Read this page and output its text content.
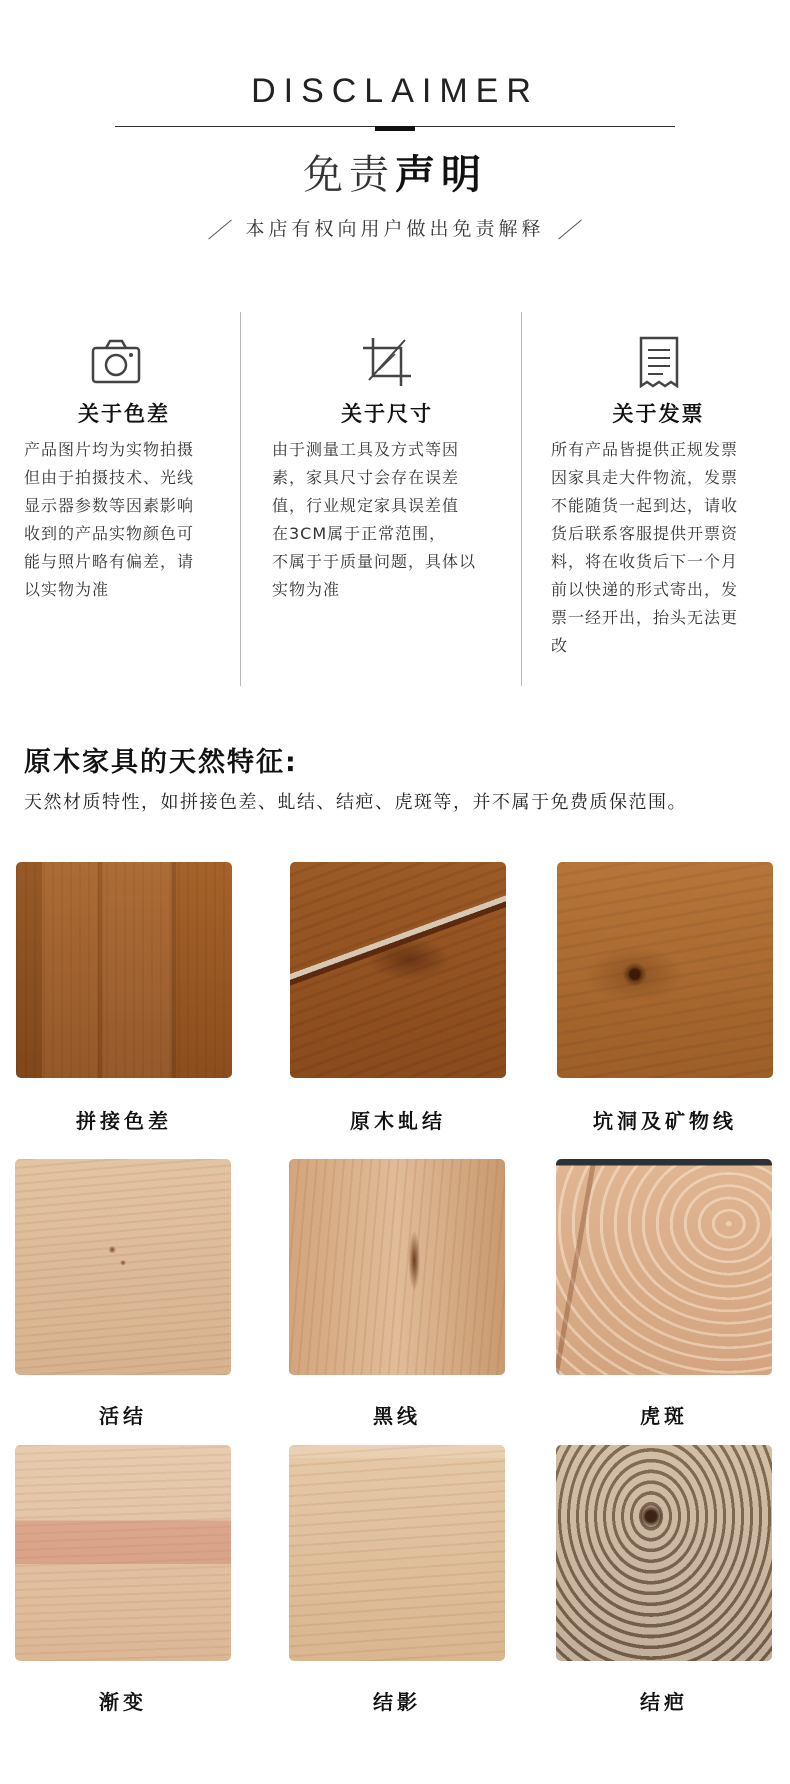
DISCLAIMER
免责声明
本店有权向用户做出免责解释
关于色差
产品图片均为实物拍摄
但由于拍摄技术、光线
显示器参数等因素影响
收到的产品实物颜色可
能与照片略有偏差，请
以实物为准
关于尺寸
由于测量工具及方式等因
素，家具尺寸会存在误差
值，行业规定家具误差值
在3CM属于正常范围，
不属于于质量问题，具体以
实物为准
关于发票
所有产品皆提供正规发票
因家具走大件物流，发票
不能随货一起到达，请收
货后联系客服提供开票资
料，将在收货后下一个月
前以快递的形式寄出，发
票一经开出，抬头无法更
改
原木家具的天然特征:
天然材质特性，如拼接色差、虬结、结疤、虎斑等，并不属于免费质保范围。
拼接色差	原木虬结	坑洞及矿物线
活结	黑线	虎斑
渐变	结影	结疤
